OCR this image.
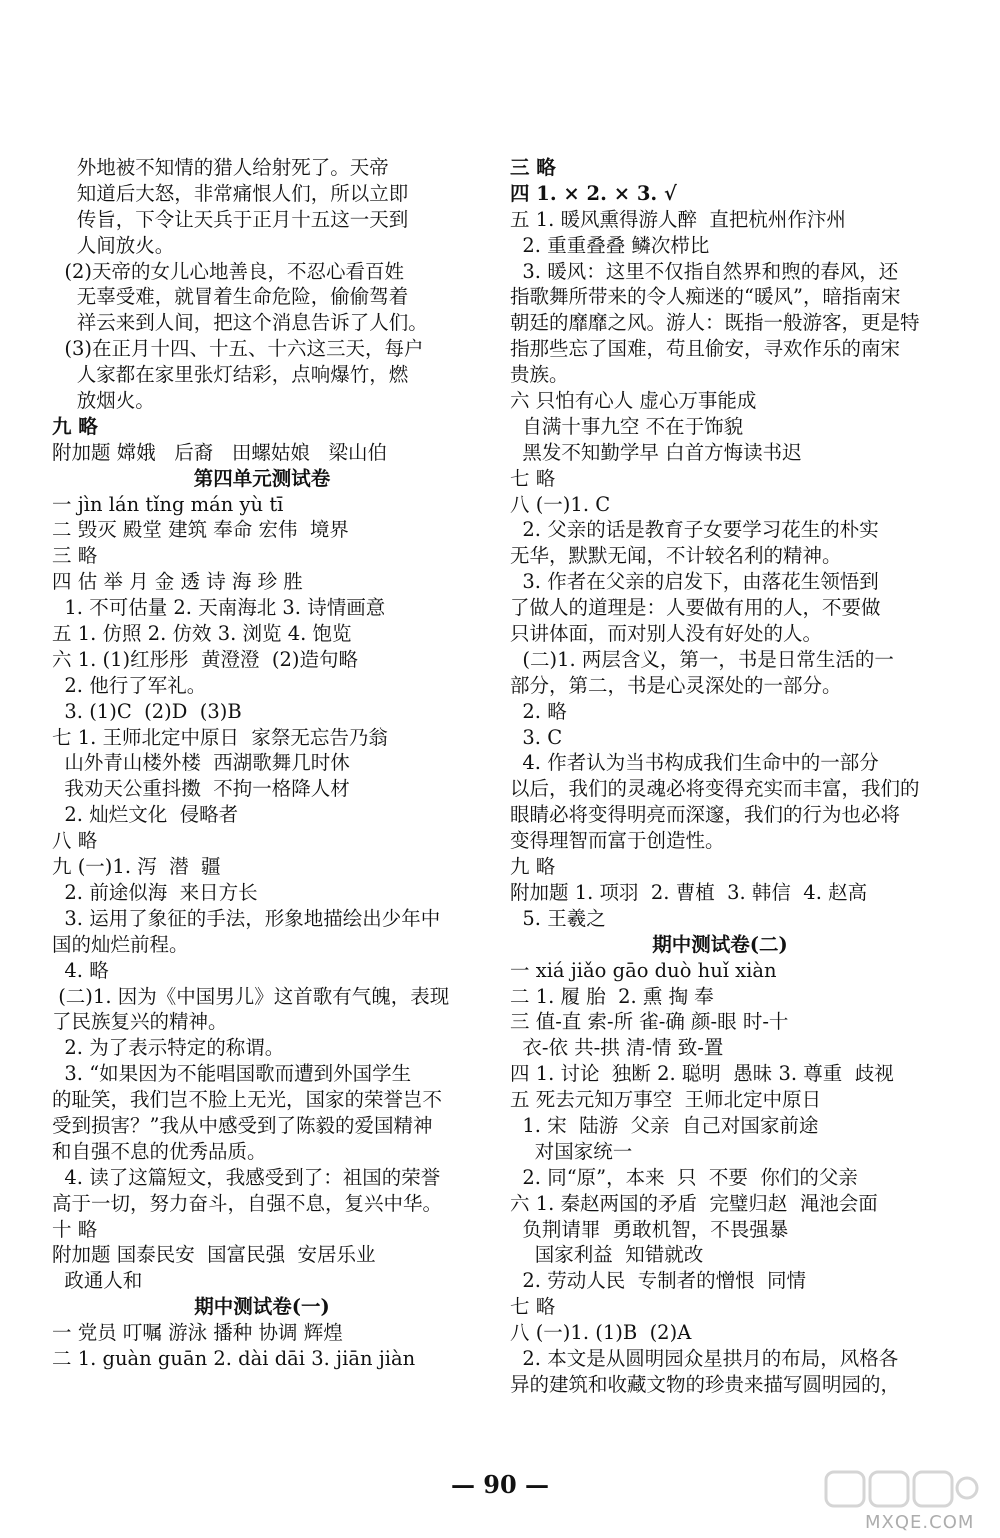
外地被不知情的猎人给射死了。天帝
知道后大怒，非常痛恨人们，所以立即
传旨，下令让天兵于正月十五这一天到
人间放火。
(2)天帝的女儿心地善良，不忍心看百姓
无辜受难，就冒着生命危险，偷偷驾着
祥云来到人间，把这个消息告诉了人们。
(3)在正月十四、十五、十六这三天，每户
人家都在家里张灯结彩，点响爆竹，燃
放烟火。
九 略
附加题 嫦娥   后裔   田螺姑娘   梁山伯
第四单元测试卷
一 jìn lán tǐng mán yù tī
二 毁灭 殿堂 建筑 奉命 宏伟  境界
三 略
四 估 举 月 金 透 诗 海 珍 胜
1. 不可估量 2. 天南海北 3. 诗情画意
五 1. 仿照 2. 仿效 3. 浏览 4. 饱览
六 1. (1)红彤彤  黄澄澄  (2)造句略
2. 他行了军礼。
3. (1)C  (2)D  (3)B
七 1. 王师北定中原日  家祭无忘告乃翁
山外青山楼外楼  西湖歌舞几时休
我劝天公重抖擞  不拘一格降人材
2. 灿烂文化  侵略者
八 略
九 (一)1. 泻  潜  疆
2. 前途似海  来日方长
3. 运用了象征的手法，形象地描绘出少年中
国的灿烂前程。
4. 略
(二)1. 因为《中国男儿》这首歌有气魄，表现
了民族复兴的精神。
2. 为了表示特定的称谓。
3. “如果因为不能唱国歌而遭到外国学生
的耻笑，我们岂不脸上无光，国家的荣誉岂不
受到损害？”我从中感受到了陈毅的爱国精神
和自强不息的优秀品质。
4. 读了这篇短文，我感受到了：祖国的荣誉
高于一切，努力奋斗，自强不息，复兴中华。
十 略
附加题 国泰民安  国富民强  安居乐业
政通人和
期中测试卷(一)
一 党员 叮嘱 游泳 播种 协调 辉煌
二 1. guàn guān 2. dài dāi 3. jiān jiàn
三 略
四 1. × 2. × 3. √
五 1. 暖风熏得游人醉  直把杭州作汴州
2. 重重叠叠 鳞次栉比
3. 暖风：这里不仅指自然界和煦的春风，还
指歌舞所带来的令人痴迷的“暖风”，暗指南宋
朝廷的靡靡之风。游人：既指一般游客，更是特
指那些忘了国难，苟且偷安，寻欢作乐的南宋
贵族。
六 只怕有心人 虚心万事能成
自满十事九空 不在于饰貌
黑发不知勤学早 白首方悔读书迟
七 略
八 (一)1. C
2. 父亲的话是教育子女要学习花生的朴实
无华，默默无闻，不计较名利的精神。
3. 作者在父亲的启发下，由落花生领悟到
了做人的道理是：人要做有用的人，不要做
只讲体面，而对别人没有好处的人。
(二)1. 两层含义，第一，书是日常生活的一
部分，第二，书是心灵深处的一部分。
2. 略
3. C
4. 作者认为当书构成我们生命中的一部分
以后，我们的灵魂必将变得充实而丰富，我们的
眼睛必将变得明亮而深邃，我们的行为也必将
变得理智而富于创造性。
九 略
附加题 1. 项羽  2. 曹植  3. 韩信  4. 赵高
5. 王羲之
期中测试卷(二)
一 xiá jiǎo gāo duò huǐ xiàn
二 1. 履 胎  2. 熏 掏 奉
三 值-直 索-所 雀-确 颜-眼 时-十
衣-依 共-拱 清-情 致-置
四 1. 讨论  独断 2. 聪明  愚昧 3. 尊重  歧视
五 死去元知万事空  王师北定中原日
1. 宋  陆游  父亲  自己对国家前途
对国家统一
2. 同“原”，本来  只  不要  你们的父亲
六 1. 秦赵两国的矛盾  完璧归赵  渑池会面
负荆请罪  勇敢机智，不畏强暴
国家利益  知错就改
2. 劳动人民  专制者的憎恨  同情
七 略
八 (一)1. (1)B  (2)A
2. 本文是从圆明园众星拱月的布局，风格各
异的建筑和收藏文物的珍贵来描写圆明园的，
— 90 —
MXQE.COM
